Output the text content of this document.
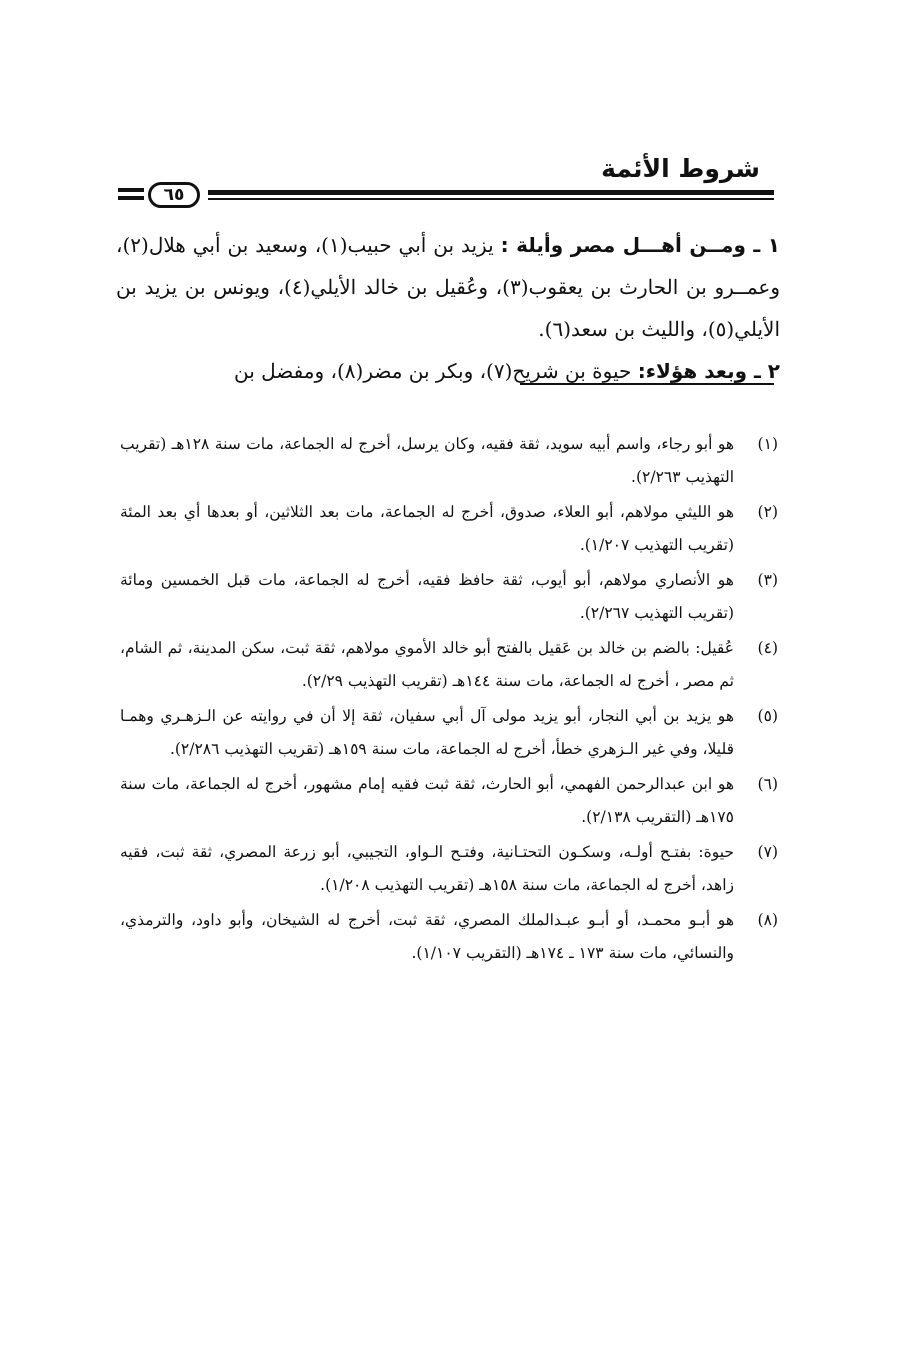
شروط الأئمة
٦٥

١ ـ ومــن أهـــل مصر وأيلة : يزيد بن أبي حبيب(١)، وسعيد بن أبي هلال(٢)، وعمــرو بن الحارث بن يعقوب(٣)، وعُقيل بن خالد الأيلي(٤)، ويونس بن يزيد بن الأيلي(٥)، والليث بن سعد(٦).

٢ ـ وبعد هؤلاء: حيوة بن شريح(٧)، وبكر بن مضر(٨)، ومفضل بن

(١)
هو أبو رجاء، واسم أبيه سويد، ثقة فقيه، وكان يرسل، أخرج له الجماعة، مات سنة ١٢٨هـ (تقريب التهذيب ٢/٢٦٣).
(٢)
هو الليثي مولاهم، أبو العلاء، صدوق، أخرج له الجماعة، مات بعد الثلاثين، أو بعدها أي بعد المئة (تقريب التهذيب ١/٢٠٧).
(٣)
هو الأنصاري مولاهم، أبو أيوب، ثقة حافظ فقيه، أخرج له الجماعة، مات قبل الخمسين ومائة (تقريب التهذيب ٢/٢٦٧).
(٤)
عُقيل: بالضم بن خالد بن عَقيل بالفتح أبو خالد الأموي مولاهم، ثقة ثبت، سكن المدينة، ثم الشام، ثم مصر ، أخرج له الجماعة، مات سنة ١٤٤هـ (تقريب التهذيب ٢/٢٩).
(٥)
هو يزيد بن أبي النجار، أبو يزيد مولى آل أبي سفيان، ثقة إلا أن في روايته عن الـزهـري وهمـا قليلا، وفي غير الـزهري خطأ، أخرج له الجماعة، مات سنة ١٥٩هـ (تقريب التهذيب ٢/٢٨٦).
(٦)
هو ابن عبدالرحمن الفهمي، أبو الحارث، ثقة ثبت فقيه إمام مشهور، أخرج له الجماعة، مات سنة ١٧٥هـ (التقريب ٢/١٣٨).
(٧)
حيوة: بفتـح أولـه، وسكـون التحتـانية، وفتـح الـواو، التجيبي، أبو زرعة المصري، ثقة ثبت، فقيه زاهد، أخرج له الجماعة، مات سنة ١٥٨هـ (تقريب التهذيب ١/٢٠٨).
(٨)
هو أبـو محمـد، أو أبـو عبـدالملك المصري، ثقة ثبت، أخرج له الشيخان، وأبو داود، والترمذي، والنسائي، مات سنة ١٧٣ ـ ١٧٤هـ (التقريب ١/١٠٧).
